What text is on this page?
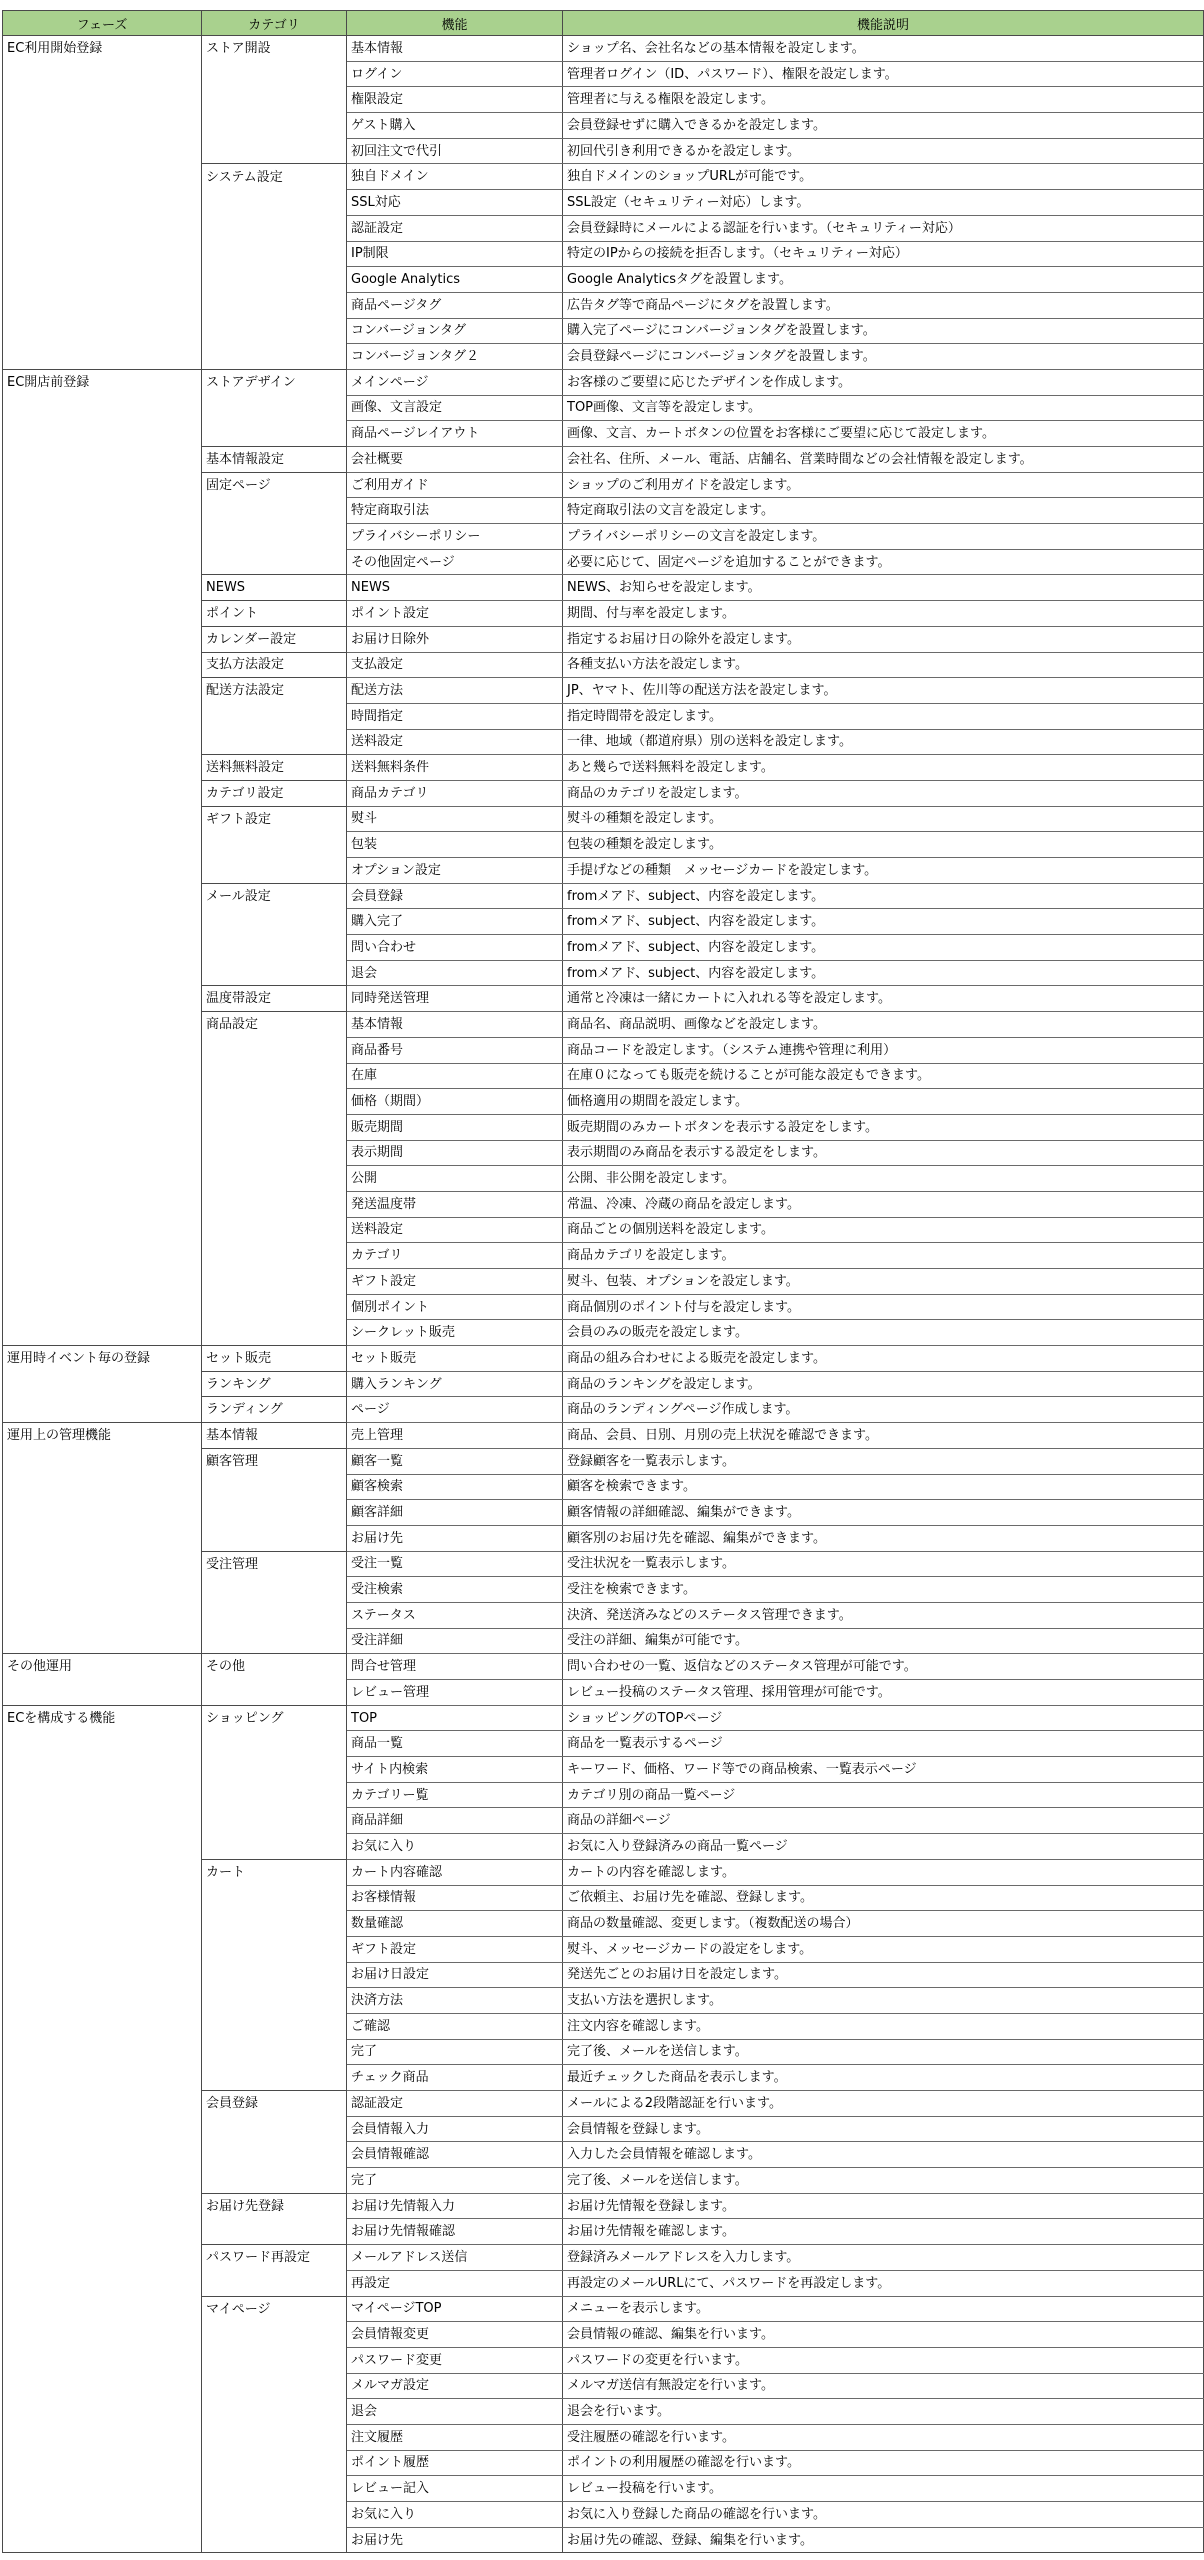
フェーズ	カテゴリ	機能	機能説明
EC利用開始登録	ストア開設	基本情報	ショップ名、会社名などの基本情報を設定します。
		ログイン	管理者ログイン（ID、パスワード）、権限を設定します。
		権限設定	管理者に与える権限を設定します。
		ゲスト購入	会員登録せずに購入できるかを設定します。
		初回注文で代引	初回代引き利用できるかを設定します。
	システム設定	独自ドメイン	独自ドメインのショップURLが可能です。
		SSL対応	SSL設定（セキュリティー対応）します。
		認証設定	会員登録時にメールによる認証を行います。（セキュリティー対応）
		IP制限	特定のIPからの接続を拒否します。（セキュリティー対応）
		Google Analytics	Google Analyticsタグを設置します。
		商品ページタグ	広告タグ等で商品ページにタグを設置します。
		コンバージョンタグ	購入完了ページにコンバージョンタグを設置します。
		コンバージョンタグ２	会員登録ページにコンバージョンタグを設置します。
EC開店前登録	ストアデザイン	メインページ	お客様のご要望に応じたデザインを作成します。
		画像、文言設定	TOP画像、文言等を設定します。
		商品ページレイアウト	画像、文言、カートボタンの位置をお客様にご要望に応じて設定します。
	基本情報設定	会社概要	会社名、住所、メール、電話、店舗名、営業時間などの会社情報を設定します。
	固定ページ	ご利用ガイド	ショップのご利用ガイドを設定します。
		特定商取引法	特定商取引法の文言を設定します。
		プライバシーポリシー	プライバシーポリシーの文言を設定します。
		その他固定ページ	必要に応じて、固定ページを追加することができます。
	NEWS	NEWS	NEWS、お知らせを設定します。
	ポイント	ポイント設定	期間、付与率を設定します。
	カレンダー設定	お届け日除外	指定するお届け日の除外を設定します。
	支払方法設定	支払設定	各種支払い方法を設定します。
	配送方法設定	配送方法	JP、ヤマト、佐川等の配送方法を設定します。
		時間指定	指定時間帯を設定します。
		送料設定	一律、地域（都道府県）別の送料を設定します。
	送料無料設定	送料無料条件	あと幾らで送料無料を設定します。
	カテゴリ設定	商品カテゴリ	商品のカテゴリを設定します。
	ギフト設定	熨斗	熨斗の種類を設定します。
		包装	包装の種類を設定します。
		オプション設定	手提げなどの種類　メッセージカードを設定します。
	メール設定	会員登録	fromメアド、subject、内容を設定します。
		購入完了	fromメアド、subject、内容を設定します。
		問い合わせ	fromメアド、subject、内容を設定します。
		退会	fromメアド、subject、内容を設定します。
	温度帯設定	同時発送管理	通常と冷凍は一緒にカートに入れれる等を設定します。
	商品設定	基本情報	商品名、商品説明、画像などを設定します。
		商品番号	商品コードを設定します。（システム連携や管理に利用）
		在庫	在庫０になっても販売を続けることが可能な設定もできます。
		価格（期間）	価格適用の期間を設定します。
		販売期間	販売期間のみカートボタンを表示する設定をします。
		表示期間	表示期間のみ商品を表示する設定をします。
		公開	公開、非公開を設定します。
		発送温度帯	常温、冷凍、冷蔵の商品を設定します。
		送料設定	商品ごとの個別送料を設定します。
		カテゴリ	商品カテゴリを設定します。
		ギフト設定	熨斗、包装、オプションを設定します。
		個別ポイント	商品個別のポイント付与を設定します。
		シークレット販売	会員のみの販売を設定します。
運用時イベント毎の登録	セット販売	セット販売	商品の組み合わせによる販売を設定します。
	ランキング	購入ランキング	商品のランキングを設定します。
	ランディング	ページ	商品のランディングページ作成します。
運用上の管理機能	基本情報	売上管理	商品、会員、日別、月別の売上状況を確認できます。
	顧客管理	顧客一覧	登録顧客を一覧表示します。
		顧客検索	顧客を検索できます。
		顧客詳細	顧客情報の詳細確認、編集ができます。
		お届け先	顧客別のお届け先を確認、編集ができます。
	受注管理	受注一覧	受注状況を一覧表示します。
		受注検索	受注を検索できます。
		ステータス	決済、発送済みなどのステータス管理できます。
		受注詳細	受注の詳細、編集が可能です。
その他運用	その他	問合せ管理	問い合わせの一覧、返信などのステータス管理が可能です。
		レビュー管理	レビュー投稿のステータス管理、採用管理が可能です。
ECを構成する機能	ショッピング	TOP	ショッピングのTOPページ
		商品一覧	商品を一覧表示するページ
		サイト内検索	キーワード、価格、ワード等での商品検索、一覧表示ページ
		カテゴリー覧	カテゴリ別の商品一覧ページ
		商品詳細	商品の詳細ページ
		お気に入り	お気に入り登録済みの商品一覧ページ
	カート	カート内容確認	カートの内容を確認します。
		お客様情報	ご依頼主、お届け先を確認、登録します。
		数量確認	商品の数量確認、変更します。（複数配送の場合）
		ギフト設定	熨斗、メッセージカードの設定をします。
		お届け日設定	発送先ごとのお届け日を設定します。
		決済方法	支払い方法を選択します。
		ご確認	注文内容を確認します。
		完了	完了後、メールを送信します。
		チェック商品	最近チェックした商品を表示します。
	会員登録	認証設定	メールによる2段階認証を行います。
		会員情報入力	会員情報を登録します。
		会員情報確認	入力した会員情報を確認します。
		完了	完了後、メールを送信します。
	お届け先登録	お届け先情報入力	お届け先情報を登録します。
		お届け先情報確認	お届け先情報を確認します。
	パスワード再設定	メールアドレス送信	登録済みメールアドレスを入力します。
		再設定	再設定のメールURLにて、パスワードを再設定します。
	マイページ	マイページTOP	メニューを表示します。
		会員情報変更	会員情報の確認、編集を行います。
		パスワード変更	パスワードの変更を行います。
		メルマガ設定	メルマガ送信有無設定を行います。
		退会	退会を行います。
		注文履歴	受注履歴の確認を行います。
		ポイント履歴	ポイントの利用履歴の確認を行います。
		レビュー記入	レビュー投稿を行います。
		お気に入り	お気に入り登録した商品の確認を行います。
		お届け先	お届け先の確認、登録、編集を行います。
